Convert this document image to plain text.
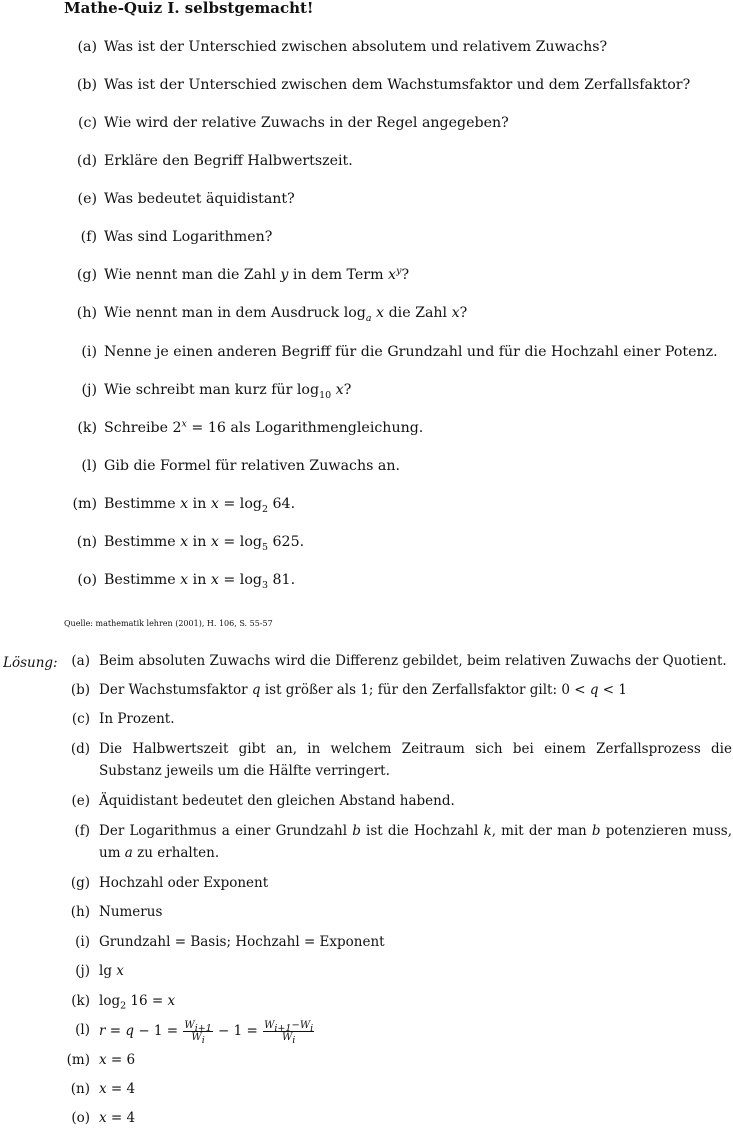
Mathe-Quiz I. selbstgemacht!
(a) Was ist der Unterschied zwischen absolutem und relativem Zuwachs?
(b) Was ist der Unterschied zwischen dem Wachstumsfaktor und dem Zerfallsfaktor?
(c) Wie wird der relative Zuwachs in der Regel angegeben?
(d) Erkläre den Begriff Halbwertszeit.
(e) Was bedeutet äquidistant?
(f) Was sind Logarithmen?
(g) Wie nennt man die Zahl y in dem Term $x^y$?
(h) Wie nennt man in dem Ausdruck $\log_a x$ die Zahl x?
(i) Nenne je einen anderen Begriff für die Grundzahl und für die Hochzahl einer Potenz.
(j) Wie schreibt man kurz für $\log_{10} x$?
(k) Schreibe $2^x = 16$ als Logarithmengleichung.
(l) Gib die Formel für relativen Zuwachs an.
(m) Bestimme x in $x = \log_2 64$.
(n) Bestimme x in $x = \log_5 625$.
(o) Bestimme x in $x = \log_3 81$.
Quelle: mathematik lehren (2001), H. 106, S. 55-57
Lösung: (a) Beim absoluten Zuwachs wird die Differenz gebildet, beim relativen Zuwachs der Quotient.
(b) Der Wachstumsfaktor q ist größer als 1; für den Zerfallsfaktor gilt: 0 < q < 1
(c) In Prozent.
(d) Die Halbwertszeit gibt an, in welchem Zeitraum sich bei einem Zerfallsprozess die Substanz jeweils um die Hälfte verringert.
(e) Äquidistant bedeutet den gleichen Abstand habend.
(f) Der Logarithmus a einer Grundzahl b ist die Hochzahl k, mit der man b potenzieren muss, um a zu erhalten.
(g) Hochzahl oder Exponent
(h) Numerus
(i) Grundzahl = Basis; Hochzahl = Exponent
(j) lg x
(k) $\log_2 16 = x$
(l) $r = q - 1 = \frac{W_{i+1}}{W_i} - 1 = \frac{W_{i+1}-W_i}{W_i}$
(m) x = 6
(n) x = 4
(o) x = 4
